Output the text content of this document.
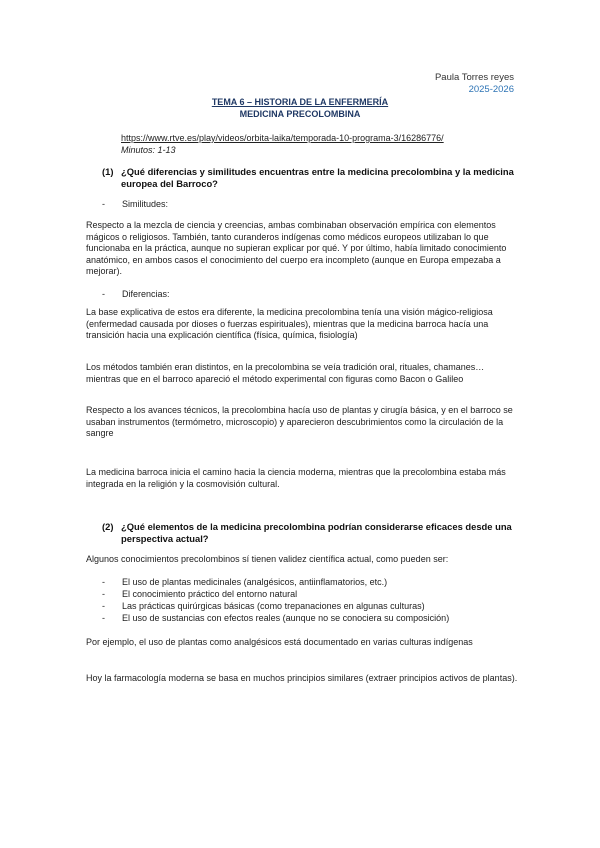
Paula Torres reyes
2025-2026
TEMA 6 – HISTORIA DE LA ENFERMERÍA
MEDICINA PRECOLOMBINA
https://www.rtve.es/play/videos/orbita-laika/temporada-10-programa-3/16286776/
Minutos: 1-13
(1) ¿Qué diferencias y similitudes encuentras entre la medicina precolombina y la medicina europea del Barroco?
- Similitudes:

Respecto a la mezcla de ciencia y creencias, ambas combinaban observación empírica con elementos mágicos o religiosos. También, tanto curanderos indígenas como médicos europeos utilizaban lo que funcionaba en la práctica, aunque no supieran explicar por qué. Y por último, había limitado conocimiento anatómico, en ambos casos el conocimiento del cuerpo era incompleto (aunque en Europa empezaba a mejorar).

- Diferencias:

La base explicativa de estos era diferente, la medicina precolombina tenía una visión mágico-religiosa (enfermedad causada por dioses o fuerzas espirituales), mientras que la medicina barroca hacía una transición hacia una explicación científica (física, química, fisiología)

Los métodos también eran distintos, en la precolombina se veía tradición oral, rituales, chamanes… mientras que en el barroco apareció el método experimental con figuras como Bacon o Galileo

Respecto a los avances técnicos, la precolombina hacía uso de plantas y cirugía básica, y en el barroco se usaban instrumentos (termómetro, microscopio) y aparecieron descubrimientos como la circulación de la sangre

La medicina barroca inicia el camino hacia la ciencia moderna, mientras que la precolombina estaba más integrada en la religión y la cosmovisión cultural.

(2) ¿Qué elementos de la medicina precolombina podrían considerarse eficaces desde una perspectiva actual?

Algunos conocimientos precolombinos sí tienen validez científica actual, como pueden ser:

- El uso de plantas medicinales (analgésicos, antiinflamatorios, etc.)
- El conocimiento práctico del entorno natural
- Las prácticas quirúrgicas básicas (como trepanaciones en algunas culturas)
- El uso de sustancias con efectos reales (aunque no se conociera su composición)

Por ejemplo, el uso de plantas como analgésicos está documentado en varias culturas indígenas

Hoy la farmacología moderna se basa en muchos principios similares (extraer principios activos de plantas).
